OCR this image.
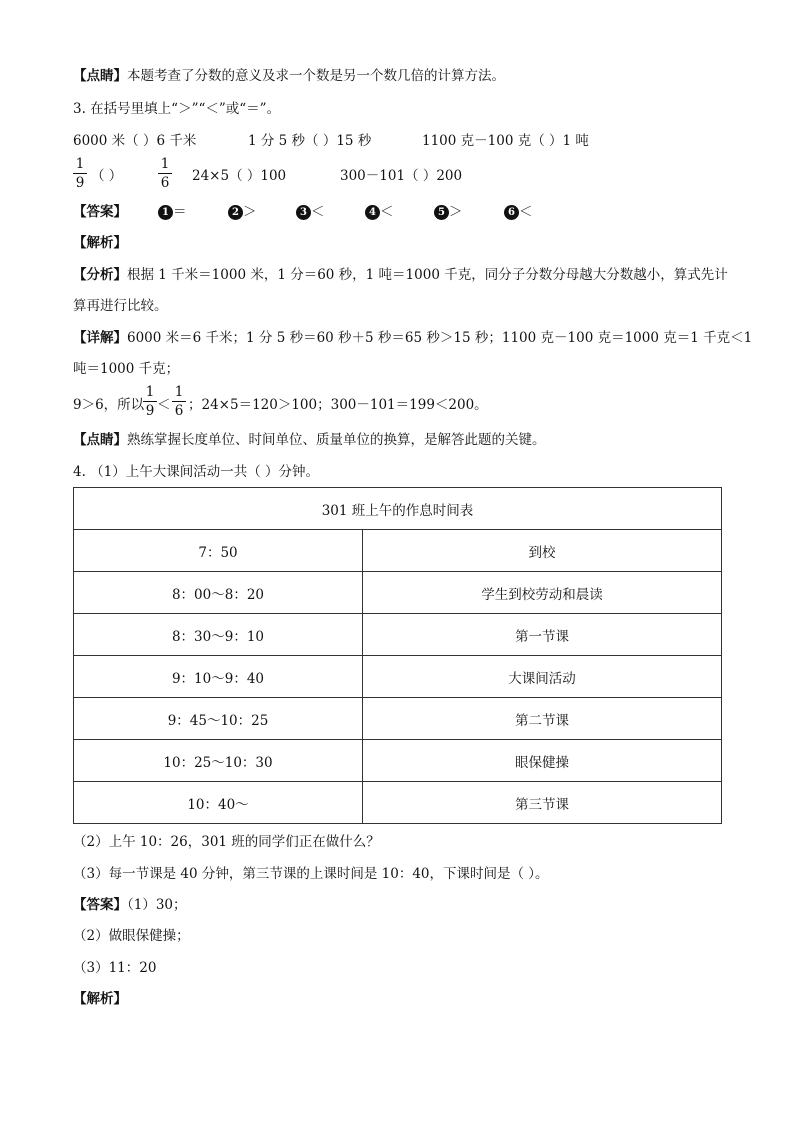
【点睛】本题考查了分数的意义及求一个数是另一个数几倍的计算方法。
3. 在括号里填上“＞”“＜”或“＝”。
6000 米（ ）6 千米	1 分 5 秒（ ）15 秒	1100 克－100 克（ ）1 吨
1
9 （ ）
1
6 24×5（ ）100	300－101（ ）200
【答案】	1 ＝	2 ＞	3 ＜	4 ＜	5 ＞	6 ＜
【解析】
【分析】根据 1 千米＝1000 米，1 分＝60 秒，1 吨＝1000 千克，同分子分数分母越大分数越小，算式先计
算再进行比较。
【详解】6000 米＝6 千米；1 分 5 秒＝60 秒＋5 秒＝65 秒＞15 秒；1100 克－100 克＝1000 克＝1 千克＜1
吨＝1000 千克；
9＞6，所以
1
9 ＜
1
6 ；24×5＝120＞100；300－101＝199＜200。
【点睛】熟练掌握长度单位、时间单位、质量单位的换算，是解答此题的关键。
4. （1）上午大课间活动一共（ ）分钟。
301 班上午的作息时间表	
7：50	到校
8：00～8：20	学生到校劳动和晨读
8：30～9：10	第一节课
9：10～9：40	大课间活动
9：45～10：25	第二节课
10：25～10：30	眼保健操
10：40～	第三节课
（2）上午 10：26，301 班的同学们正在做什么？
（3）每一节课是 40 分钟，第三节课的上课时间是 10：40，下课时间是（ ）。
【答案】（1）30；
（2）做眼保健操；
（3）11：20
【解析】
